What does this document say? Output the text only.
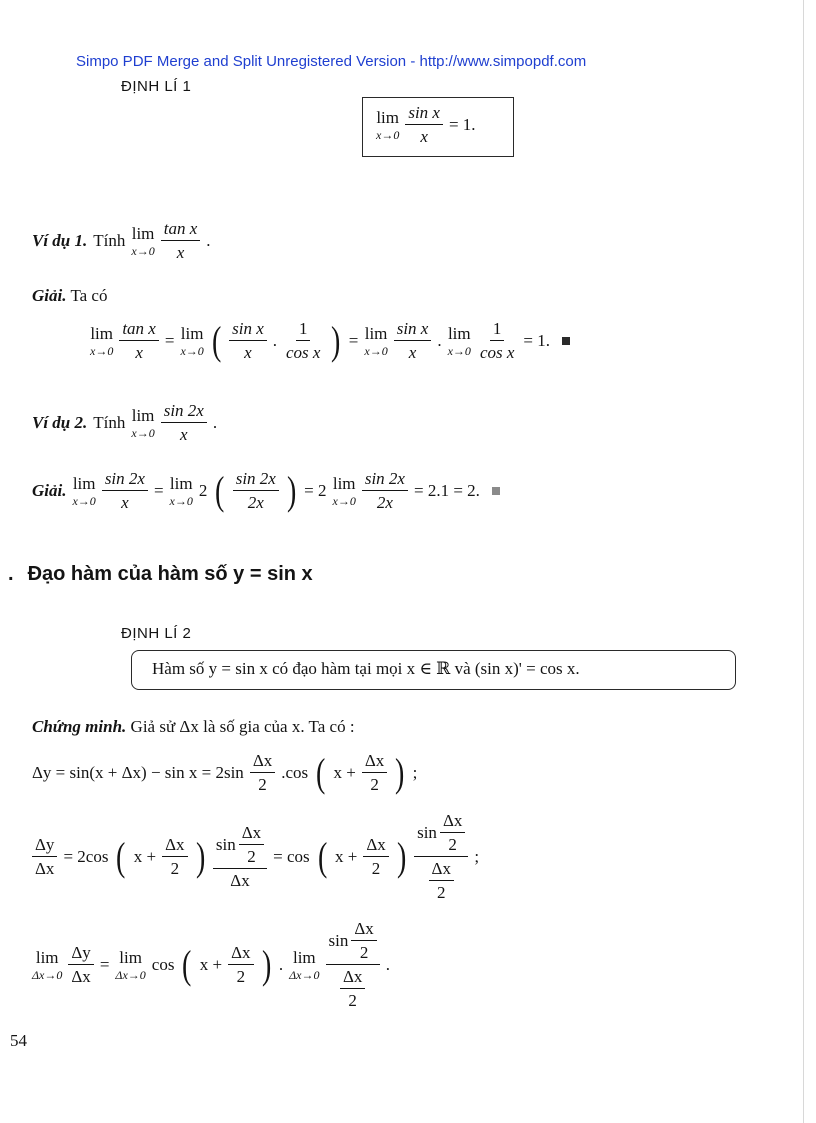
Simpo PDF Merge and Split Unregistered Version - http://www.simpopdf.com
ĐỊNH LÍ 1
lim
$x\to 0 \frac{\text{sin x}}{x} = 1$.
Ví dụ 1. Tính lim
$x\to 0 \frac{\text{tan x}}{x}$ .
Giải. Ta có
lim
$x\to 0 \frac{\text{tan x}}{x} = \lim$
x→0 ( $\frac{\text{sin x}}{x}$ . $\frac{1}{\text{cos x}}$ ) = lim
$x\to 0 \frac{\text{sin x}}{x}$ . lim
$x\to 0 \frac{1}{\text{cos x}} = 1$.
Ví dụ 2. Tính lim
$x\to 0 \frac{\sin 2x}{x}$ .
Giải. lim
$x\to 0 \frac{\sin 2x}{x} = \lim$
x→0
2 ( $\frac{\sin 2x}{2x}$ ) = 2 lim
$x\to 0 \frac{\sin 2x}{2x} = 2.1 = 2$.
. Đạo hàm của hàm số y = sin x
ĐỊNH LÍ 2
Hàm số y = sin x có đạo hàm tại mọi x ∈ ℝ và (sin x)' = cos x.
Chứng minh. Giả sử Δx là số gia của x. Ta có :
$\Delta y = \sin(x + \Delta x) - \sin x = 2\sin \frac{\Delta x}{2} .\cos$ ( $x + \frac{\Delta x}{2}$ ) ;
$\frac{\Delta y}{\Delta x} = 2\cos$ ( $x + \frac{\Delta x}{2}$ ) $\frac{\sin \frac{\Delta x}{2}}{\Delta x} = \cos$ ( $x + \frac{\Delta x}{2}$ ) $\frac{\sin \frac{\Delta x}{2}}{\frac{\Delta x}{2}}$ ;
lim
$\Delta x\to 0 \frac{\Delta y}{\Delta x} = \lim$
Δx→0
cos ( $x + \frac{\Delta x}{2}$ ) . lim
$\Delta x\to 0 \frac{\sin \frac{\Delta x}{2}}{\frac{\Delta x}{2}}$ .
54
